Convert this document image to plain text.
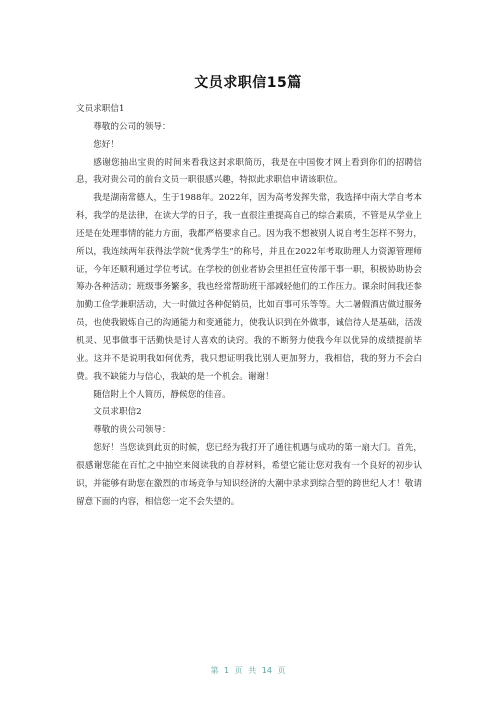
文员求职信15篇

文员求职信1

尊敬的公司的领导：

您好！

感谢您抽出宝贵的时间来看我这封求职简历，我是在中国俊才网上看到你们的招聘信息，我对贵公司的前台文员一职很感兴趣，特拟此求职信申请该职位。

我是湖南常德人，生于1988年。2022年，因为高考发挥失常，我选择中南大学自考本科，我学的是法律，在读大学的日子，我一直很注重提高自己的综合素质，不管是从学业上还是在处理事情的能力方面，我都严格要求自己。因为我不想被别人说自考生怎样不努力，所以，我连续两年获得法学院“优秀学生”的称号，并且在2022年考取助理人力资源管理师证，今年还顺利通过学位考试。在学校的创业者协会里担任宣传部干事一职，积极协助协会筹办各种活动；班级事务繁多，我也经常帮助班干部减轻他们的工作压力。课余时间我还参加勤工俭学兼职活动，大一时做过各种促销员，比如百事可乐等等。大二暑假酒店做过服务员，也使我锻炼自己的沟通能力和变通能力，使我认识到在外做事，诚信待人是基础，活泼机灵、见事做事干活勤快是讨人喜欢的诀窍。我的不断努力使我今年以优异的成绩提前毕业。这并不是说明我如何优秀，我只想证明我比别人更加努力，我相信，我的努力不会白费。我不缺能力与信心，我缺的是一个机会。谢谢！

随信附上个人简历，静候您的佳音。

文员求职信2

尊敬的贵公司领导：

您好！当您读到此页的时候，您已经为我打开了通往机遇与成功的第一扇大门。首先，很感谢您能在百忙之中抽空来阅读我的自荐材料，希望它能让您对我有一个良好的初步认识，并能够有助您在激烈的市场竞争与知识经济的大潮中录求到综合型的跨世纪人才！敬请留意下面的内容，相信您一定不会失望的。

第 1 页 共 14 页
